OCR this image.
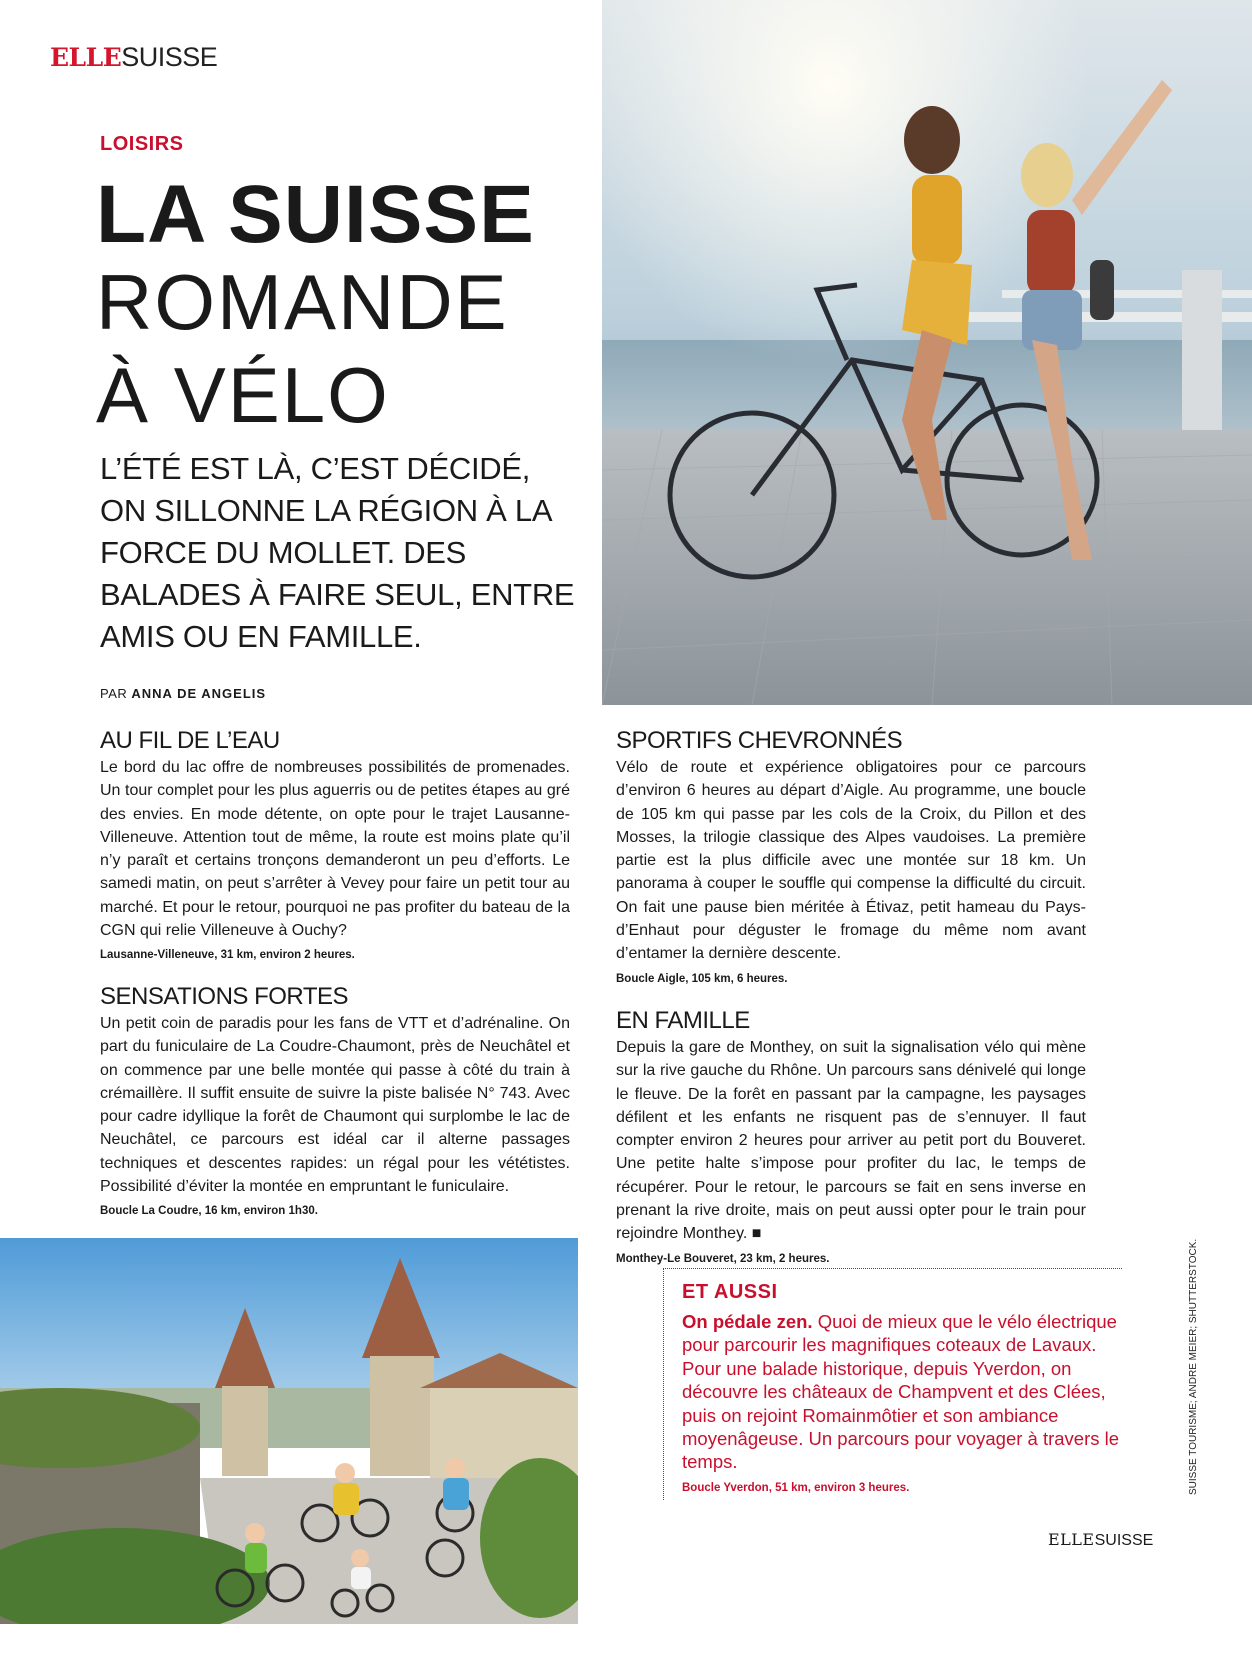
ELLESUISSE
LOISIRS
LA SUISSE
ROMANDE
À VÉLO
L’ÉTÉ EST LÀ, C’EST DÉCIDÉ, ON SILLONNE LA RÉGION À LA FORCE DU MOLLET. DES BALADES À FAIRE SEUL, ENTRE AMIS OU EN FAMILLE.
PAR ANNA DE ANGELIS
AU FIL DE L’EAU

Le bord du lac offre de nombreuses possibilités de promenades. Un tour complet pour les plus aguerris ou de petites étapes au gré des envies. En mode détente, on opte pour le trajet Lausanne-Villeneuve. Attention tout de même, la route est moins plate qu’il n’y paraît et certains tronçons demanderont un peu d’efforts. Le samedi matin, on peut s’arrêter à Vevey pour faire un petit tour au marché. Et pour le retour, pourquoi ne pas profiter du bateau de la CGN qui relie Villeneuve à Ouchy?

Lausanne-Villeneuve, 31 km, environ 2 heures.

SENSATIONS FORTES

Un petit coin de paradis pour les fans de VTT et d’adrénaline. On part du funiculaire de La Coudre-Chaumont, près de Neuchâtel et on commence par une belle montée qui passe à côté du train à crémaillère. Il suffit ensuite de suivre la piste balisée N° 743. Avec pour cadre idyllique la forêt de Chaumont qui surplombe le lac de Neuchâtel, ce parcours est idéal car il alterne passages techniques et descentes rapides: un régal pour les vététistes. Possibilité d’éviter la montée en empruntant le funiculaire.

Boucle La Coudre, 16 km, environ 1h30.

SPORTIFS CHEVRONNÉS

Vélo de route et expérience obligatoires pour ce parcours d’environ 6 heures au départ d’Aigle. Au programme, une boucle de 105 km qui passe par les cols de la Croix, du Pillon et des Mosses, la trilogie classique des Alpes vaudoises. La première partie est la plus difficile avec une montée sur 18 km. Un panorama à couper le souffle qui compense la difficulté du circuit. On fait une pause bien méritée à Étivaz, petit hameau du Pays-d’Enhaut pour déguster le fromage du même nom avant d’entamer la dernière descente.

Boucle Aigle, 105 km, 6 heures.

EN FAMILLE

Depuis la gare de Monthey, on suit la signalisation vélo qui mène sur la rive gauche du Rhône. Un parcours sans dénivelé qui longe le fleuve. De la forêt en passant par la campagne, les paysages défilent et les enfants ne risquent pas de s’ennuyer. Il faut compter environ 2 heures pour arriver au petit port du Bouveret. Une petite halte s’impose pour profiter du lac, le temps de récupérer. Pour le retour, le parcours se fait en sens inverse en prenant la rive droite, mais on peut aussi opter pour le train pour rejoindre Monthey. ■

Monthey-Le Bouveret, 23 km, 2 heures.

ET AUSSI

On pédale zen. Quoi de mieux que le vélo électrique pour parcourir les magnifiques coteaux de Lavaux. Pour une balade historique, depuis Yverdon, on découvre les châteaux de Champvent et des Clées, puis on rejoint Romainmôtier et son ambiance moyenâgeuse. Un parcours pour voyager à travers le temps.

Boucle Yverdon, 51 km, environ 3 heures.	SUISSE TOURISME; ANDRE MEIER; SHUTTERSTOCK.
ELLESUISSE
